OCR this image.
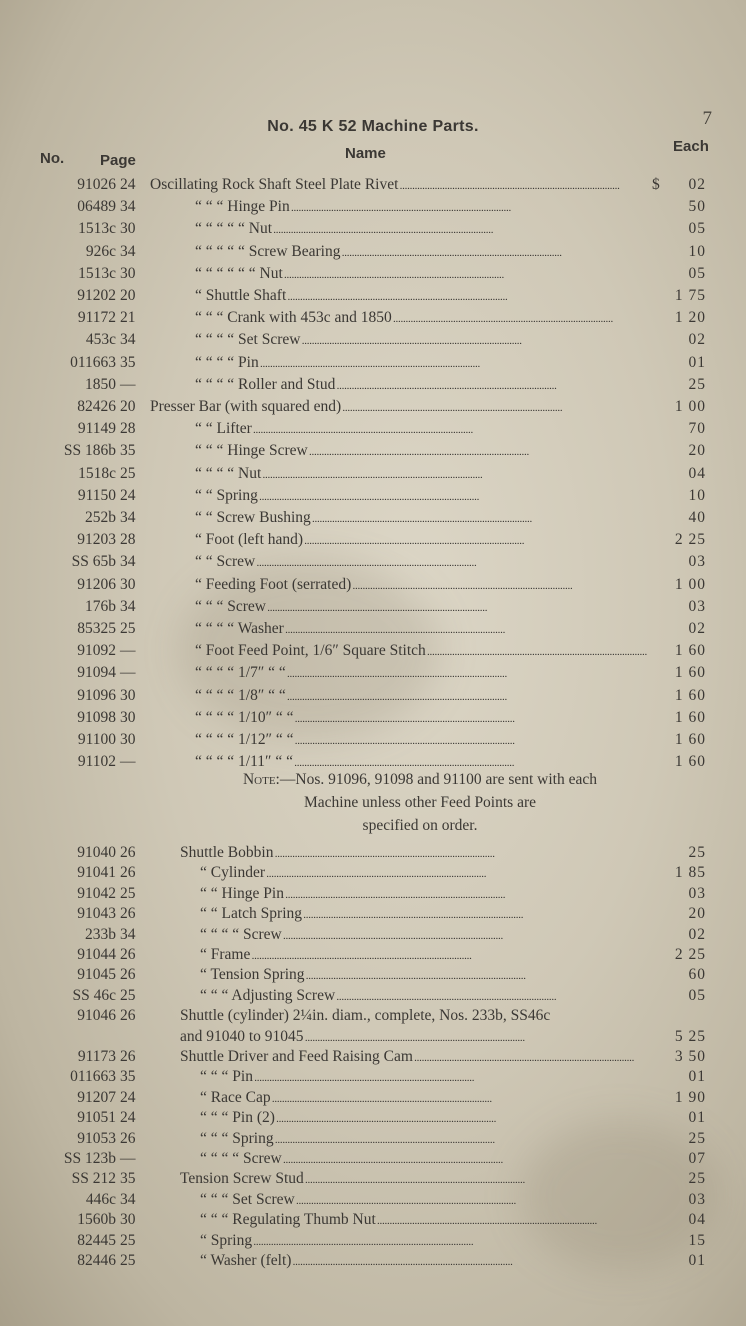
7
No. 45 K 52 Machine Parts.
No. Page	Name	Each
91026 24 Oscillating Rock Shaft Steel Plate Rivet . . .	$ 02
06489 34	“ “ “ Hinge Pin . . .	50
1513c 30	“ “ “ “ “ Nut . . .	05
926c 34	“ “ “ “ “ Screw Bearing . . .	10
1513c 30	“ “ “ “ “ “ Nut . . .	05
91202 20	“ Shuttle Shaft . . .	1 75
91172 21	“ “ “ Crank with 453c and 1850 . . .	1 20
453c 34	“ “ “ “ Set Screw . . .	02
011663 35	“ “ “ “ Pin . . .	01
1850 —	“ “ “ “ Roller and Stud . . .	25
82426 20 Presser Bar (with squared end) . . .	1 00
91149 28	“ “ Lifter . . .	70
SS 186b 35	“ “ “ Hinge Screw . . .	20
1518c 25	“ “ “ “ Nut . . .	04
91150 24	“ “ Spring . . .	10
252b 34	“ “ Screw Bushing . . .	40
91203 28	“ Foot (left hand) . . .	2 25
SS 65b 34	“ “ Screw . . .	03
91206 30	“ Feeding Foot (serrated) . . .	1 00
176b 34	“ “ “ Screw . . .	03
85325 25	“ “ “ “ Washer . . .	02
91092 —	“ Foot Feed Point, 1/6″ Square Stitch . . .	1 60
91094 —	“ “ “ “ 1/7″ “ “ . . .	1 60
91096 30	“ “ “ “ 1/8″ “ “ . . .	1 60
91098 30	“ “ “ “ 1/10″ “ “ . . .	1 60
91100 30	“ “ “ “ 1/12″ “ “ . . .	1 60
91102 —	“ “ “ “ 1/11″ “ “ . . .	1 60
Note:—Nos. 91096, 91098 and 91100 are sent with each
Machine unless other Feed Points are
specified on order.
91040 26	Shuttle Bobbin . . .	25
91041 26	“ Cylinder . . .	1 85
91042 25	“ “ Hinge Pin . . .	03
91043 26	“ “ Latch Spring . . .	20
233b 34	“ “ “ “ Screw . . .	02
91044 26	“ Frame . . .	2 25
91045 26	“ Tension Spring . . .	60
SS 46c 25	“ “ “ Adjusting Screw . . .	05
91046 26	Shuttle (cylinder) 2¼in. diam., complete, Nos. 233b, SS46c
and 91040 to 91045 . . .	5 25
91173 26	Shuttle Driver and Feed Raising Cam . . .	3 50
011663 35	“ “ “ Pin . . .	01
91207 24	“ Race Cap . . .	1 90
91051 24	“ “ “ Pin (2) . . .	01
91053 26	“ “ “ Spring . . .	25
SS 123b —	“ “ “ “ Screw . . .	07
SS 212 35	Tension Screw Stud . . .	25
446c 34	“ “ “ Set Screw . . .	03
1560b 30	“ “ “ Regulating Thumb Nut . . .	04
82445 25	“ Spring . . .	15
82446 25	“ Washer (felt) . . .	01
